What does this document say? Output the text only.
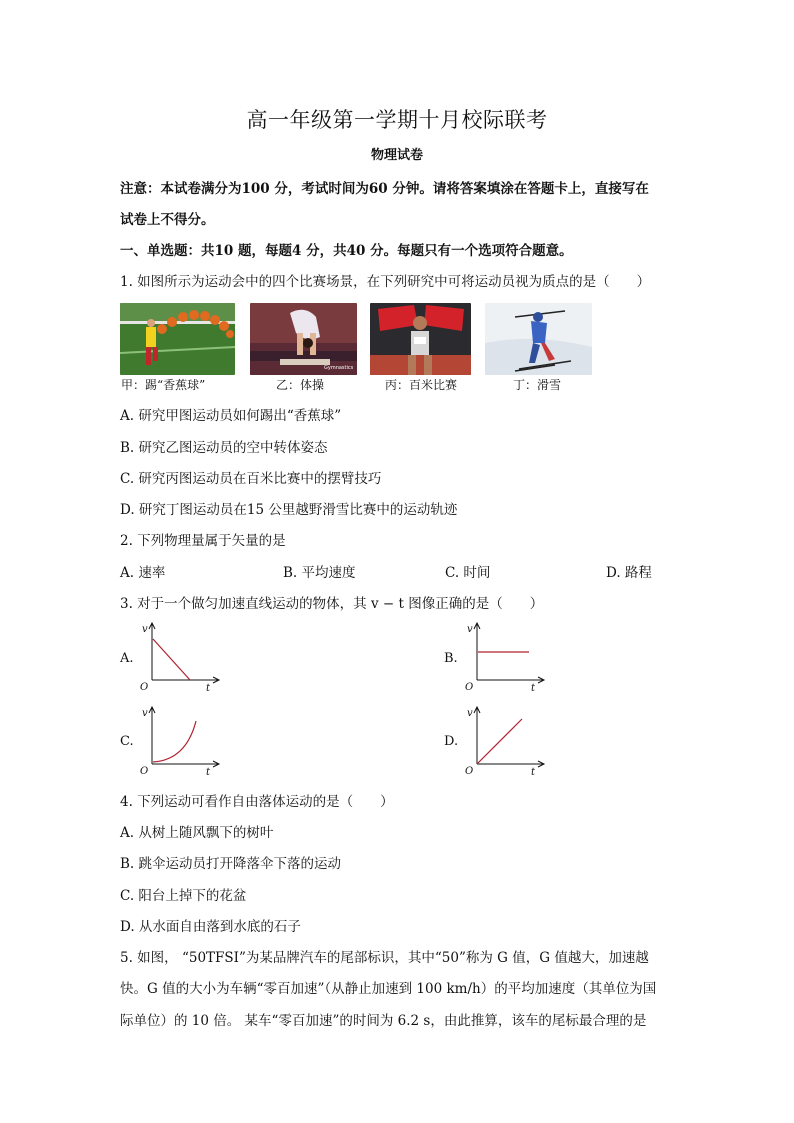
高一年级第一学期十月校际联考
物理试卷
注意：本试卷满分为100 分，考试时间为60 分钟。请将答案填涂在答题卡上，直接写在
试卷上不得分。
一、单选题：共10 题，每题4 分，共40 分。每题只有一个选项符合题意。
1. 如图所示为运动会中的四个比赛场景，在下列研究中可将运动员视为质点的是（　　）
Gymnastics
甲：踢“香蕉球”	乙：体操	丙：百米比赛	丁：滑雪
A. 研究甲图运动员如何踢出“香蕉球”
B. 研究乙图运动员的空中转体姿态
C. 研究丙图运动员在百米比赛中的摆臂技巧
D. 研究丁图运动员在15 公里越野滑雪比赛中的运动轨迹
2. 下列物理量属于矢量的是
A. 速率	B. 平均速度	C. 时间	D. 路程
3. 对于一个做匀加速直线运动的物体，其 v − t 图像正确的是（　　）
A.
v
t
O
B.
v
t
O
C.
v
t
O
D.
v
t
O
4. 下列运动可看作自由落体运动的是（　　）
A. 从树上随风飘下的树叶
B. 跳伞运动员打开降落伞下落的运动
C. 阳台上掉下的花盆
D. 从水面自由落到水底的石子
5. 如图， “50TFSI”为某品牌汽车的尾部标识，其中“50”称为 G 值，G 值越大，加速越
快。G 值的大小为车辆“零百加速”（从静止加速到 100 km/h）的平均加速度（其单位为国
际单位）的 10 倍。 某车“零百加速”的时间为 6.2 s，由此推算，该车的尾标最合理的是
